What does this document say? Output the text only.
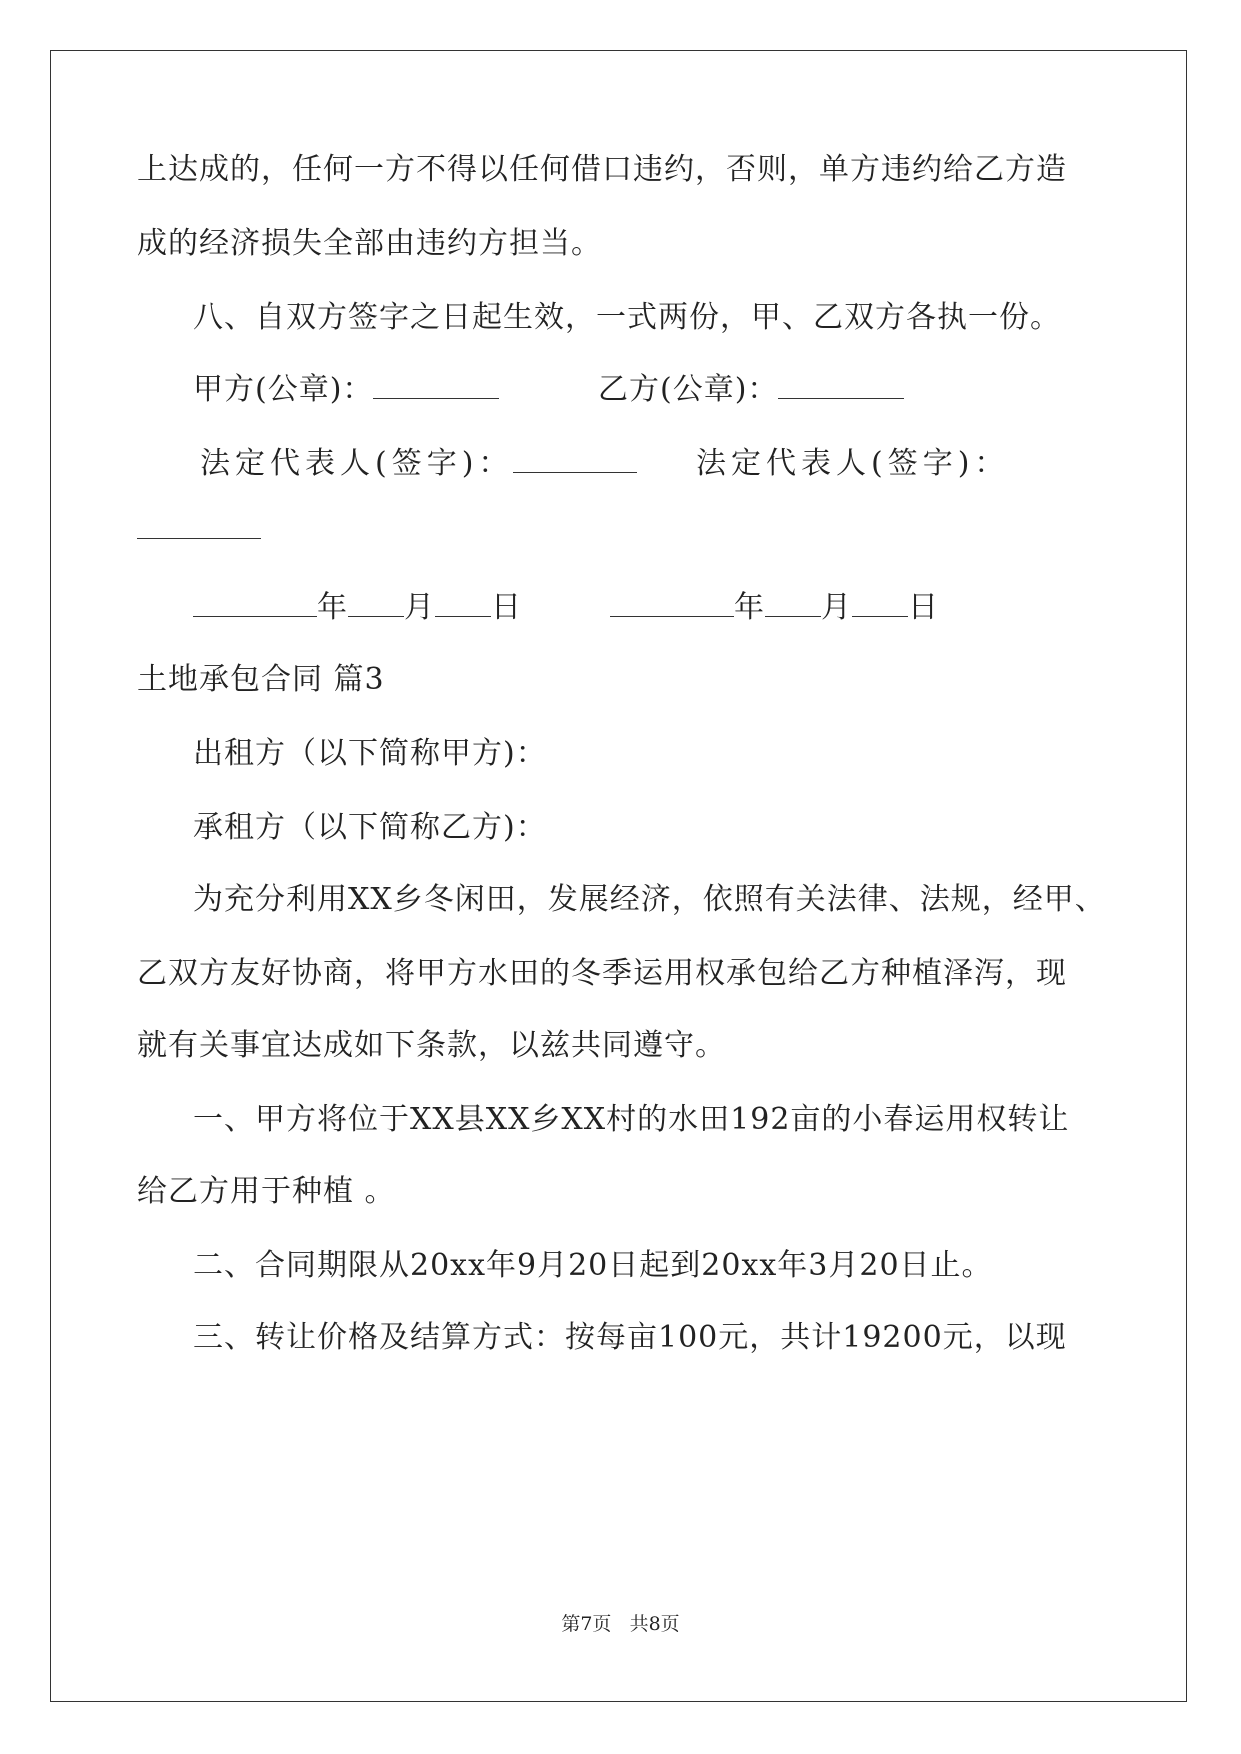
上达成的，任何一方不得以任何借口违约，否则，单方违约给乙方造
成的经济损失全部由违约方担当。
八、自双方签字之日起生效，一式两份，甲、乙双方各执一份。
甲方(公章)：	乙方(公章)：
法定代表人(签字)：	法定代表人(签字)：
年 月 日	年 月 日
土地承包合同 篇3
出租方（以下简称甲方)：
承租方（以下简称乙方)：
为充分利用XX乡冬闲田，发展经济，依照有关法律、法规，经甲、
乙双方友好协商，将甲方水田的冬季运用权承包给乙方种植泽泻，现
就有关事宜达成如下条款，以兹共同遵守。
一、甲方将位于XX县XX乡XX村的水田192亩的小春运用权转让
给乙方用于种植 。
二、合同期限从20xx年9月20日起到20xx年3月20日止。
三、转让价格及结算方式：按每亩100元，共计19200元，以现
第7页 共8页
